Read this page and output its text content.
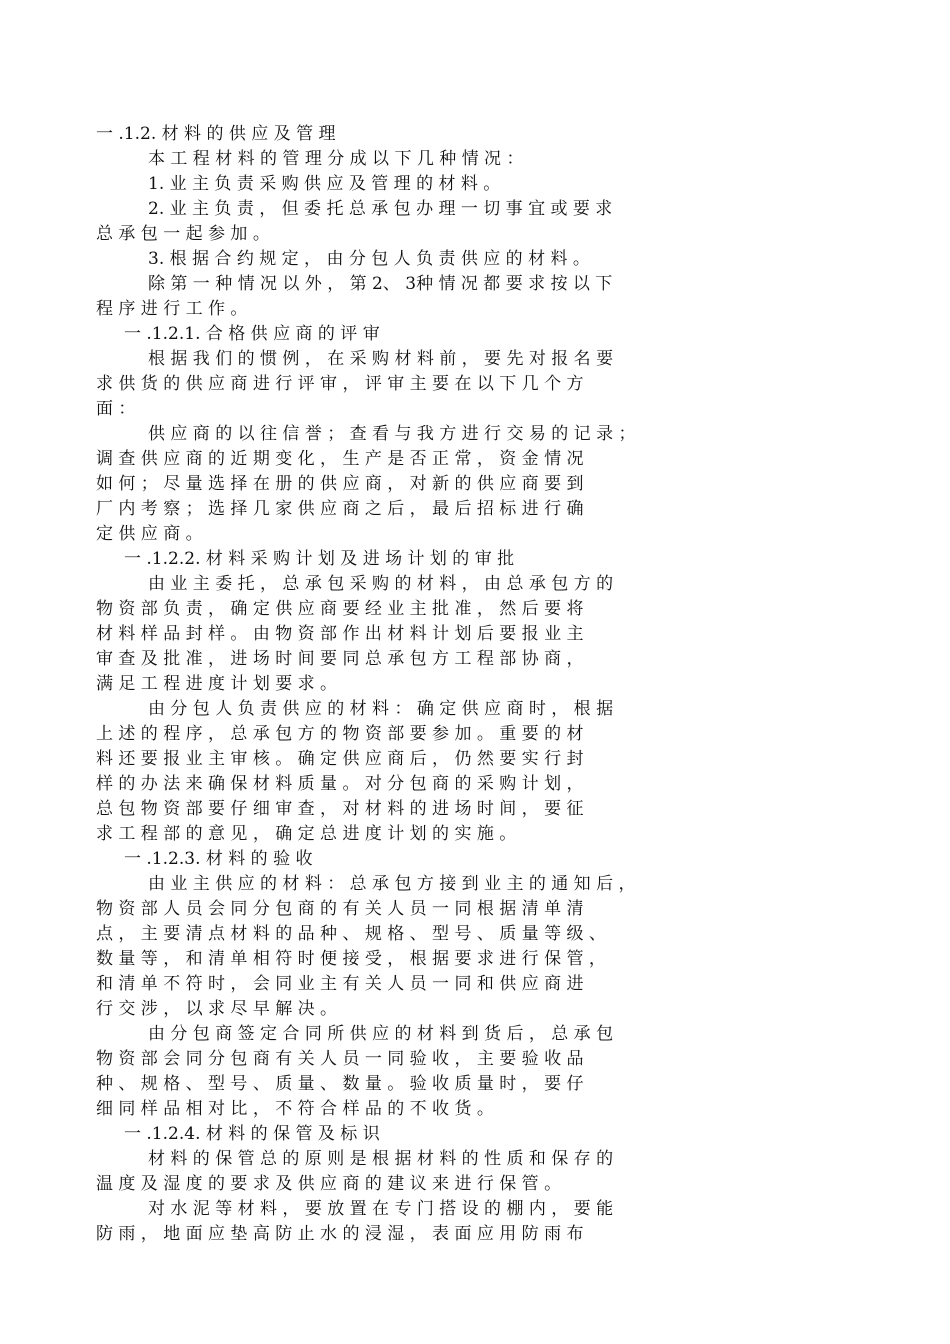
一 .1.2. 材 料 的 供 应 及 管 理
本 工 程 材 料 的 管 理 分 成 以 下 几 种 情 况 ：
1. 业 主 负 责 采 购 供 应 及 管 理 的 材 料 。
2. 业 主 负 责 ， 但 委 托 总 承 包 办 理 一 切 事 宜 或 要 求
总 承 包 一 起 参 加 。
3. 根 据 合 约 规 定 ， 由 分 包 人 负 责 供 应 的 材 料 。
除 第 一 种 情 况 以 外 ， 第 2、 3种 情 况 都 要 求 按 以 下
程 序 进 行 工 作 。
一 .1.2.1. 合 格 供 应 商 的 评 审
根 据 我 们 的 惯 例 ， 在 采 购 材 料 前 ， 要 先 对 报 名 要
求 供 货 的 供 应 商 进 行 评 审 ， 评 审 主 要 在 以 下 几 个 方
面 ：
供 应 商 的 以 往 信 誉 ； 查 看 与 我 方 进 行 交 易 的 记 录 ；
调 查 供 应 商 的 近 期 变 化 ， 生 产 是 否 正 常 ， 资 金 情 况
如 何 ； 尽 量 选 择 在 册 的 供 应 商 ， 对 新 的 供 应 商 要 到
厂 内 考 察 ； 选 择 几 家 供 应 商 之 后 ， 最 后 招 标 进 行 确
定 供 应 商 。
一 .1.2.2. 材 料 采 购 计 划 及 进 场 计 划 的 审 批
由 业 主 委 托 ， 总 承 包 采 购 的 材 料 ， 由 总 承 包 方 的
物 资 部 负 责 ， 确 定 供 应 商 要 经 业 主 批 准 ， 然 后 要 将
材 料 样 品 封 样 。 由 物 资 部 作 出 材 料 计 划 后 要 报 业 主
审 查 及 批 准 ， 进 场 时 间 要 同 总 承 包 方 工 程 部 协 商 ，
满 足 工 程 进 度 计 划 要 求 。
由 分 包 人 负 责 供 应 的 材 料 ： 确 定 供 应 商 时 ， 根 据
上 述 的 程 序 ， 总 承 包 方 的 物 资 部 要 参 加 。 重 要 的 材
料 还 要 报 业 主 审 核 。 确 定 供 应 商 后 ， 仍 然 要 实 行 封
样 的 办 法 来 确 保 材 料 质 量 。 对 分 包 商 的 采 购 计 划 ，
总 包 物 资 部 要 仔 细 审 查 ， 对 材 料 的 进 场 时 间 ， 要 征
求 工 程 部 的 意 见 ， 确 定 总 进 度 计 划 的 实 施 。
一 .1.2.3. 材 料 的 验 收
由 业 主 供 应 的 材 料 ： 总 承 包 方 接 到 业 主 的 通 知 后 ，
物 资 部 人 员 会 同 分 包 商 的 有 关 人 员 一 同 根 据 清 单 清
点 ， 主 要 清 点 材 料 的 品 种 、 规 格 、 型 号 、 质 量 等 级 、
数 量 等 ， 和 清 单 相 符 时 便 接 受 ， 根 据 要 求 进 行 保 管 ，
和 清 单 不 符 时 ， 会 同 业 主 有 关 人 员 一 同 和 供 应 商 进
行 交 涉 ， 以 求 尽 早 解 决 。
由 分 包 商 签 定 合 同 所 供 应 的 材 料 到 货 后 ， 总 承 包
物 资 部 会 同 分 包 商 有 关 人 员 一 同 验 收 ， 主 要 验 收 品
种 、 规 格 、 型 号 、 质 量 、 数 量 。 验 收 质 量 时 ， 要 仔
细 同 样 品 相 对 比 ， 不 符 合 样 品 的 不 收 货 。
一 .1.2.4. 材 料 的 保 管 及 标 识
材 料 的 保 管 总 的 原 则 是 根 据 材 料 的 性 质 和 保 存 的
温 度 及 湿 度 的 要 求 及 供 应 商 的 建 议 来 进 行 保 管 。
对 水 泥 等 材 料 ， 要 放 置 在 专 门 搭 设 的 棚 内 ， 要 能
防 雨 ， 地 面 应 垫 高 防 止 水 的 浸 湿 ， 表 面 应 用 防 雨 布
